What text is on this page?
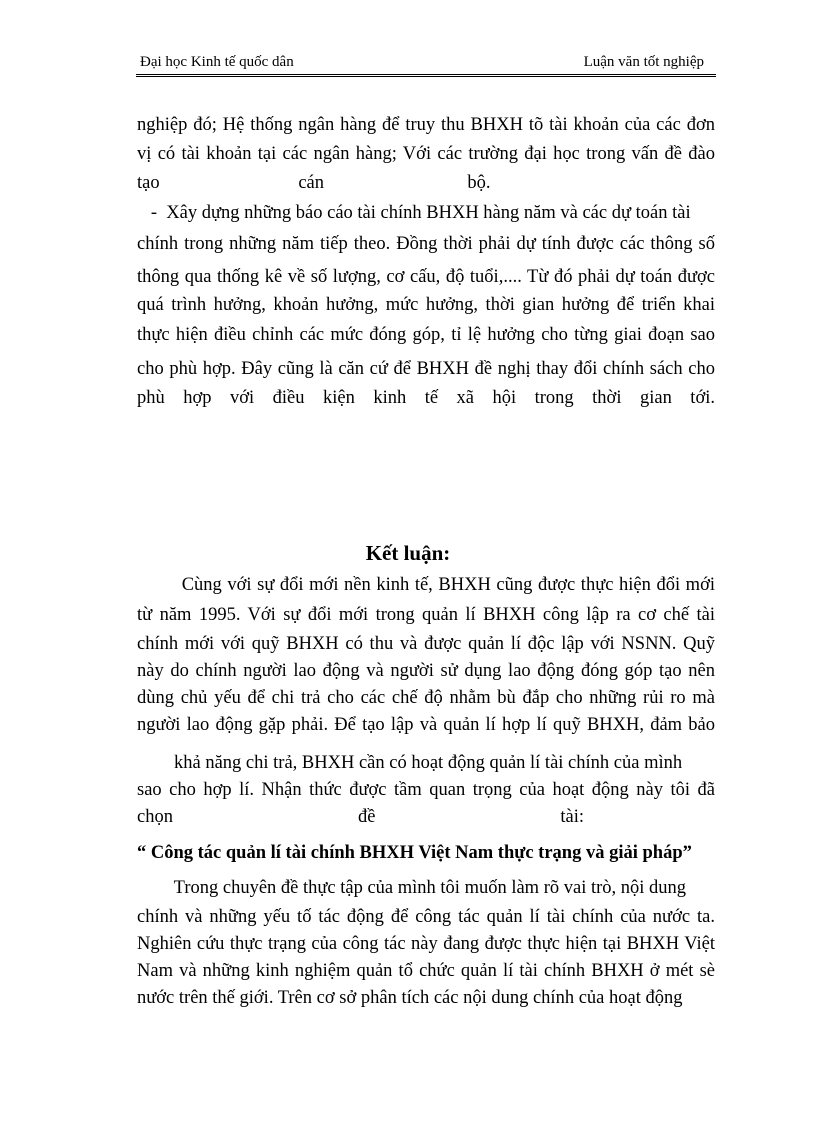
Đại học Kinh tế quốc dân	Luận văn tốt nghiệp
nghiệp đó; Hệ thống ngân hàng để truy thu BHXH tõ tài khoản của các đơn
vị có tài khoản tại các ngân hàng; Với các trường đại học trong vấn đề đào
tạo                              cán                               bộ.
-  Xây dựng những báo cáo tài chính BHXH hàng năm và các dự toán tài
chính trong những năm tiếp theo. Đồng thời phải dự tính được các thông số
thông qua thống kê về số lượng, cơ cấu, độ tuổi,.... Từ đó phải dự toán được
quá trình hưởng, khoản hưởng, mức hưởng, thời gian hưởng để triển khai
thực hiện điều chỉnh các mức đóng góp, tỉ lệ hưởng cho từng giai đoạn sao
cho phù hợp. Đây cũng là căn cứ để BHXH đề nghị thay đổi chính sách cho
phù hợp với điều kiện kinh tế xã hội trong thời gian tới.
Kết luận:
Cùng với sự đổi mới nền kinh tế, BHXH cũng được thực hiện đổi mới
từ năm 1995. Với sự đổi mới trong quản lí BHXH công lập ra cơ chế tài
chính mới với quỹ BHXH có thu và được quản lí độc lập với NSNN. Quỹ
này do chính người lao động và người sử dụng lao động đóng góp tạo nên
dùng chủ yếu để chi trả cho các chế độ nhằm bù đắp cho những rủi ro mà
người lao động gặp phải. Để tạo lập và quản lí hợp lí quỹ BHXH, đảm bảo
khả năng chi trả, BHXH cần có hoạt động quản lí tài chính của mình
sao cho hợp lí. Nhận thức được tầm quan trọng của hoạt động này tôi đã
chọn                                        đề                                        tài:
“ Công tác quản lí tài chính BHXH Việt Nam thực trạng và giải pháp”
Trong chuyên đề thực tập của mình tôi muốn làm rõ vai trò, nội dung
chính và những yếu tố tác động để công tác quản lí tài chính của nước ta.
Nghiên cứu thực trạng của công tác này đang được thực hiện tại BHXH Việt
Nam và những kinh nghiệm quản tổ chức quản lí tài chính BHXH ở mét sè
nước trên thế giới. Trên cơ sở phân tích các nội dung chính của hoạt động
